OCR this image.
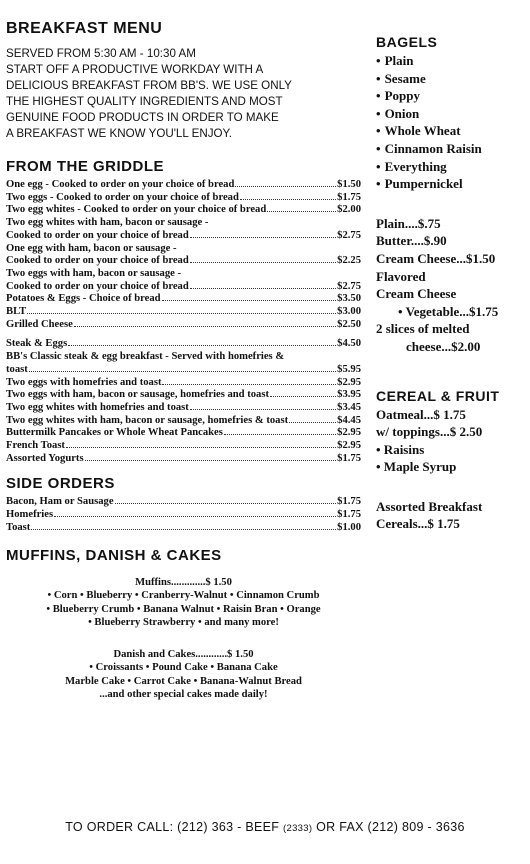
BREAKFAST MENU
SERVED FROM 5:30 AM - 10:30 AM
START OFF A PRODUCTIVE WORKDAY WITH A
DELICIOUS BREAKFAST FROM BB'S. WE USE ONLY
THE HIGHEST QUALITY INGREDIENTS AND MOST
GENUINE FOOD PRODUCTS IN ORDER TO MAKE
A BREAKFAST WE KNOW YOU'LL ENJOY.
FROM THE GRIDDLE
One egg - Cooked to order on your choice of bread	$1.50
Two eggs - Cooked to order on your choice of bread	$1.75
Two egg whites - Cooked to order on your choice of bread	$2.00
Two egg whites with ham, bacon or sausage -
Cooked to order on your choice of bread	$2.75
One egg with ham, bacon or sausage -
Cooked to order on your choice of bread	$2.25
Two eggs with ham, bacon or sausage -
Cooked to order on your choice of bread	$2.75
Potatoes & Eggs - Choice of bread	$3.50
BLT	$3.00
Grilled Cheese	$2.50
Steak & Eggs	$4.50
BB's Classic steak & egg breakfast - Served with homefries &
toast	$5.95
Two eggs with homefries and toast	$2.95
Two eggs with ham, bacon or sausage, homefries and toast	$3.95
Two egg whites with homefries and toast	$3.45
Two egg whites with ham, bacon or sausage, homefries & toast	$4.45
Buttermilk Pancakes or Whole Wheat Pancakes	$2.95
French Toast	$2.95
Assorted Yogurts	$1.75
SIDE ORDERS
Bacon, Ham or Sausage	$1.75
Homefries	$1.75
Toast	$1.00
MUFFINS, DANISH & CAKES
Muffins.............$ 1.50
• Corn • Blueberry • Cranberry-Walnut • Cinnamon Crumb
• Blueberry Crumb • Banana Walnut • Raisin Bran • Orange
• Blueberry Strawberry • and many more!
Danish and Cakes............$ 1.50
• Croissants • Pound Cake • Banana Cake
Marble Cake • Carrot Cake • Banana-Walnut Bread
...and other special cakes made daily!
BAGELS
• Plain
• Sesame
• Poppy
• Onion
• Whole Wheat
• Cinnamon Raisin
• Everything
• Pumpernickel
Plain....$.75
Butter....$.90
Cream Cheese...$1.50
Flavored
Cream Cheese
• Vegetable...$1.75
2 slices of melted
cheese...$2.00
CEREAL & FRUIT
Oatmeal...$ 1.75
w/ toppings...$ 2.50
• Raisins
• Maple Syrup
Assorted Breakfast
Cereals...$ 1.75
TO ORDER CALL: (212) 363 - BEEF (2333) OR FAX (212) 809 - 3636
